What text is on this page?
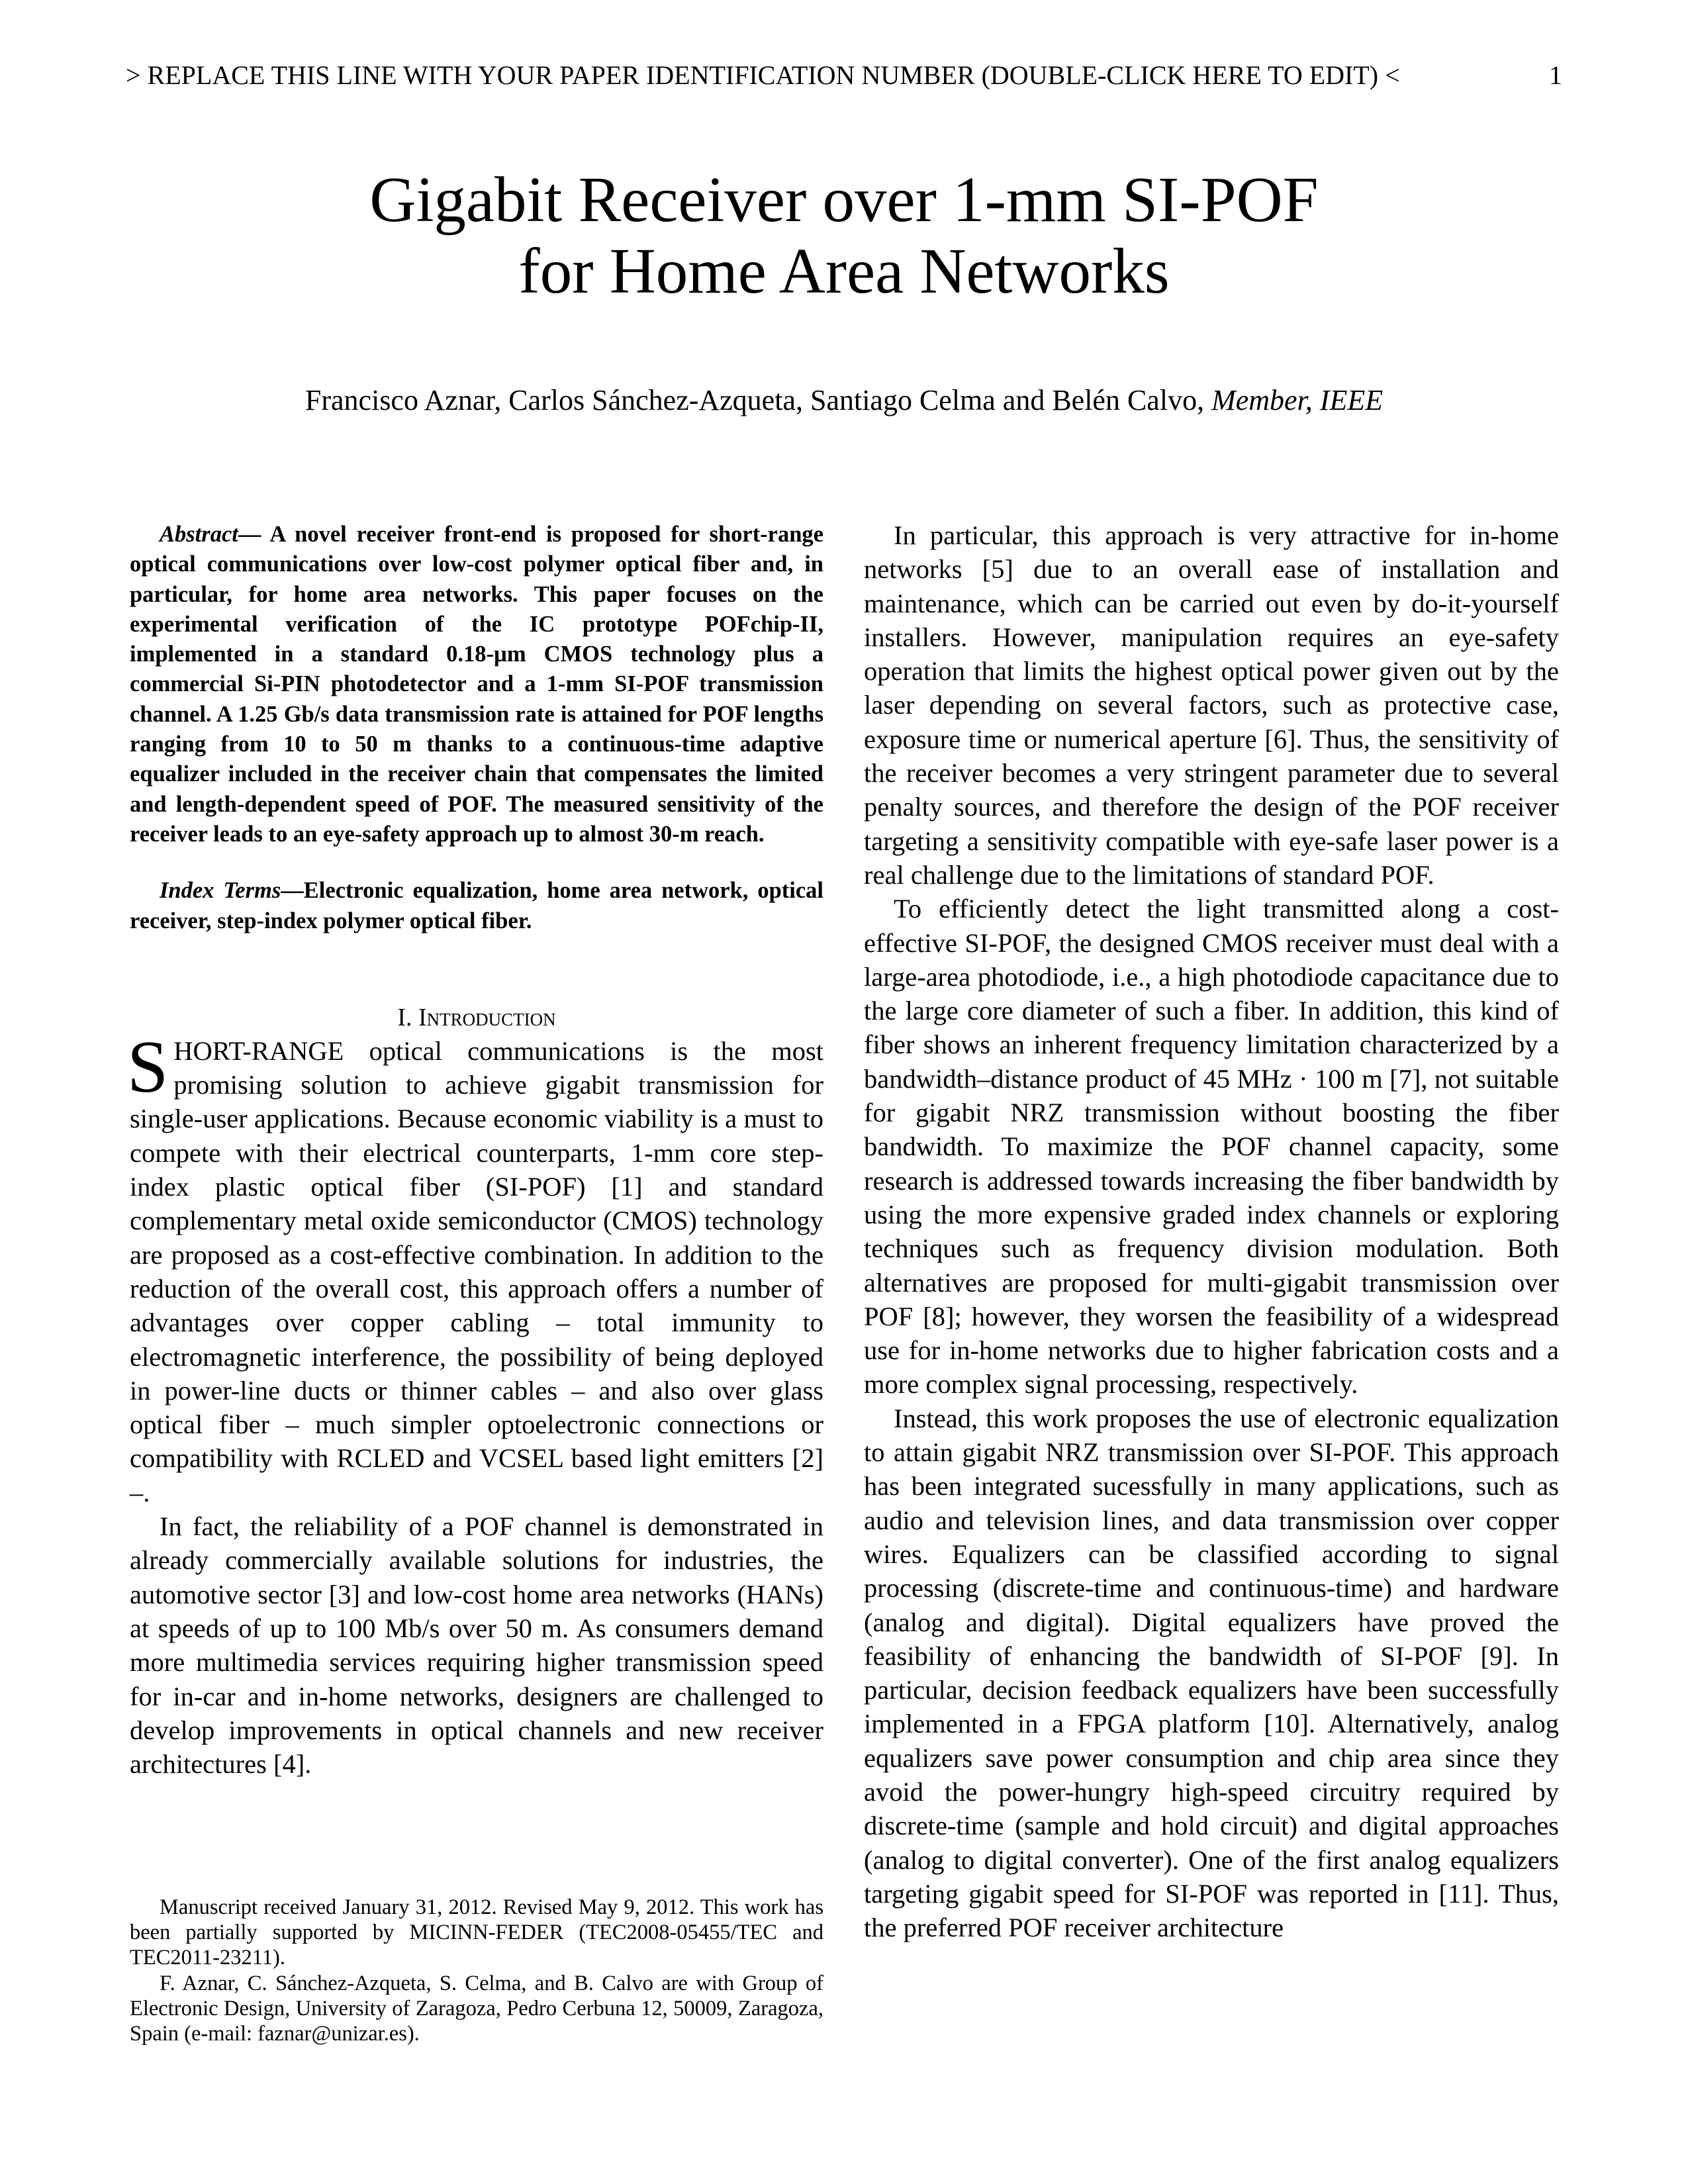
> REPLACE THIS LINE WITH YOUR PAPER IDENTIFICATION NUMBER (DOUBLE-CLICK HERE TO EDIT) <	1
Gigabit Receiver over 1-mm SI-POF
for Home Area Networks
Francisco Aznar, Carlos Sánchez-Azqueta, Santiago Celma and Belén Calvo, Member, IEEE

Abstract— A novel receiver front-end is proposed for short-range optical communications over low-cost polymer optical fiber and, in particular, for home area networks. This paper focuses on the experimental verification of the IC prototype POFchip-II, implemented in a standard 0.18-µm CMOS technology plus a commercial Si-PIN photodetector and a 1-mm SI-POF transmission channel. A 1.25 Gb/s data transmission rate is attained for POF lengths ranging from 10 to 50 m thanks to a continuous-time adaptive equalizer included in the receiver chain that compensates the limited and length-dependent speed of POF. The measured sensitivity of the receiver leads to an eye-safety approach up to almost 30-m reach.

Index Terms—Electronic equalization, home area network, optical receiver, step-index polymer optical fiber.

I. Introduction

SHORT-RANGE optical communications is the most promising solution to achieve gigabit transmission for single-user applications. Because economic viability is a must to compete with their electrical counterparts, 1-mm core step-index plastic optical fiber (SI-POF) [1] and standard complementary metal oxide semiconductor (CMOS) technology are proposed as a cost-effective combination. In addition to the reduction of the overall cost, this approach offers a number of advantages over copper cabling – total immunity to electromagnetic interference, the possibility of being deployed in power-line ducts or thinner cables – and also over glass optical fiber – much simpler optoelectronic connections or compatibility with RCLED and VCSEL based light emitters [2] –.

In fact, the reliability of a POF channel is demonstrated in already commercially available solutions for industries, the automotive sector [3] and low-cost home area networks (HANs) at speeds of up to 100 Mb/s over 50 m. As consumers demand more multimedia services requiring higher transmission speed for in-car and in-home networks, designers are challenged to develop improvements in optical channels and new receiver architectures [4].

Manuscript received January 31, 2012. Revised May 9, 2012. This work has been partially supported by MICINN-FEDER (TEC2008-05455/TEC and TEC2011-23211).

F. Aznar, C. Sánchez-Azqueta, S. Celma, and B. Calvo are with Group of Electronic Design, University of Zaragoza, Pedro Cerbuna 12, 50009, Zaragoza, Spain (e-mail: faznar@unizar.es).

In particular, this approach is very attractive for in-home networks [5] due to an overall ease of installation and maintenance, which can be carried out even by do-it-yourself installers. However, manipulation requires an eye-safety operation that limits the highest optical power given out by the laser depending on several factors, such as protective case, exposure time or numerical aperture [6]. Thus, the sensitivity of the receiver becomes a very stringent parameter due to several penalty sources, and therefore the design of the POF receiver targeting a sensitivity compatible with eye-safe laser power is a real challenge due to the limitations of standard POF.

To efficiently detect the light transmitted along a cost-effective SI-POF, the designed CMOS receiver must deal with a large-area photodiode, i.e., a high photodiode capacitance due to the large core diameter of such a fiber. In addition, this kind of fiber shows an inherent frequency limitation characterized by a bandwidth–distance product of 45 MHz · 100 m [7], not suitable for gigabit NRZ transmission without boosting the fiber bandwidth. To maximize the POF channel capacity, some research is addressed towards increasing the fiber bandwidth by using the more expensive graded index channels or exploring techniques such as frequency division modulation. Both alternatives are proposed for multi-gigabit transmission over POF [8]; however, they worsen the feasibility of a widespread use for in-home networks due to higher fabrication costs and a more complex signal processing, respectively.

Instead, this work proposes the use of electronic equalization to attain gigabit NRZ transmission over SI-POF. This approach has been integrated sucessfully in many applications, such as audio and television lines, and data transmission over copper wires. Equalizers can be classified according to signal processing (discrete-time and continuous-time) and hardware (analog and digital). Digital equalizers have proved the feasibility of enhancing the bandwidth of SI-POF [9]. In particular, decision feedback equalizers have been successfully implemented in a FPGA platform [10]. Alternatively, analog equalizers save power consumption and chip area since they avoid the power-hungry high-speed circuitry required by discrete-time (sample and hold circuit) and digital approaches (analog to digital converter). One of the first analog equalizers targeting gigabit speed for SI-POF was reported in [11]. Thus, the preferred POF receiver architecture
